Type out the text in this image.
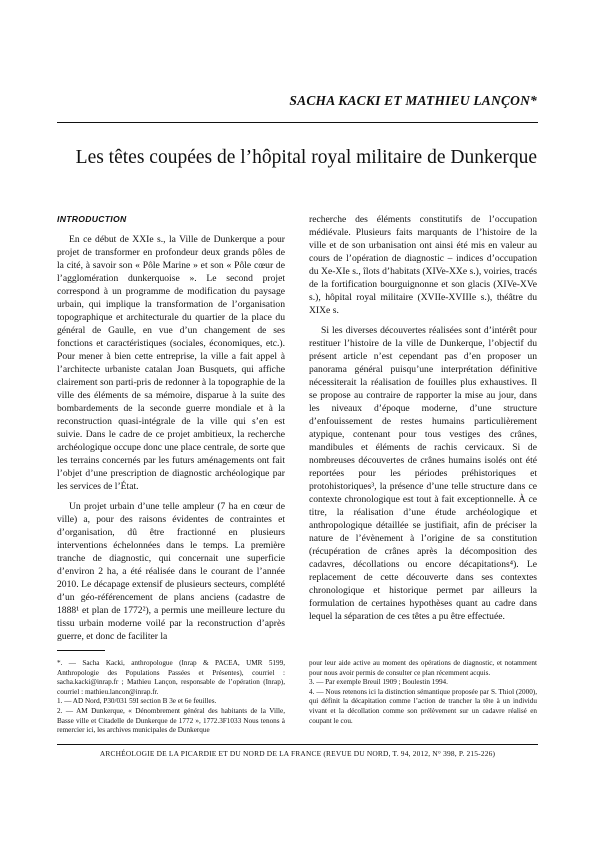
SACHA KACKI ET MATHIEU LANÇON*
Les têtes coupées de l’hôpital royal militaire de Dunkerque
INTRODUCTION

En ce début de XXIe s., la Ville de Dunkerque a pour projet de transformer en profondeur deux grands pôles de la cité, à savoir son « Pôle Marine » et son « Pôle cœur de l’agglomération dunkerquoise ». Le second projet correspond à un programme de modification du paysage urbain, qui implique la transformation de l’organisation topographique et architecturale du quartier de la place du général de Gaulle, en vue d’un changement de ses fonctions et caractéristiques (sociales, économiques, etc.). Pour mener à bien cette entreprise, la ville a fait appel à l’architecte urbaniste catalan Joan Busquets, qui affiche clairement son parti-pris de redonner à la topographie de la ville des éléments de sa mémoire, disparue à la suite des bombardements de la seconde guerre mondiale et à la reconstruction quasi-intégrale de la ville qui s’en est suivie. Dans le cadre de ce projet ambitieux, la recherche archéologique occupe donc une place centrale, de sorte que les terrains concernés par les futurs aménagements ont fait l’objet d’une prescription de diagnostic archéologique par les services de l’État.

Un projet urbain d’une telle ampleur (7 ha en cœur de ville) a, pour des raisons évidentes de contraintes et d’organisation, dû être fractionné en plusieurs interventions échelonnées dans le temps. La première tranche de diagnostic, qui concernait une superficie d’environ 2 ha, a été réalisée dans le courant de l’année 2010. Le décapage extensif de plusieurs secteurs, complété d’un géo-référencement de plans anciens (cadastre de 1888¹ et plan de 1772²), a permis une meilleure lecture du tissu urbain moderne voilé par la reconstruction d’après guerre, et donc de faciliter la

recherche des éléments constitutifs de l’occupation médiévale. Plusieurs faits marquants de l’histoire de la ville et de son urbanisation ont ainsi été mis en valeur au cours de l’opération de diagnostic – indices d’occupation du Xe-XIe s., îlots d’habitats (XIVe-XXe s.), voiries, tracés de la fortification bourguignonne et son glacis (XIVe-XVe s.), hôpital royal militaire (XVIIe-XVIIIe s.), théâtre du XIXe s.

Si les diverses découvertes réalisées sont d’intérêt pour restituer l’histoire de la ville de Dunkerque, l’objectif du présent article n’est cependant pas d’en proposer un panorama général puisqu’une interprétation définitive nécessiterait la réalisation de fouilles plus exhaustives. Il se propose au contraire de rapporter la mise au jour, dans les niveaux d’époque moderne, d’une structure d’enfouissement de restes humains particulièrement atypique, contenant pour tous vestiges des crânes, mandibules et éléments de rachis cervicaux. Si de nombreuses découvertes de crânes humains isolés ont été reportées pour les périodes préhistoriques et protohistoriques³, la présence d’une telle structure dans ce contexte chronologique est tout à fait exceptionnelle. À ce titre, la réalisation d’une étude archéologique et anthropologique détaillée se justifiait, afin de préciser la nature de l’évènement à l’origine de sa constitution (récupération de crânes après la décomposition des cadavres, décollations ou encore décapitations⁴). Le replacement de cette découverte dans ses contextes chronologique et historique permet par ailleurs la formulation de certaines hypothèses quant au cadre dans lequel la séparation de ces têtes a pu être effectuée.

*. — Sacha Kacki, anthropologue (Inrap & PACEA, UMR 5199, Anthropologie des Populations Passées et Présentes), courriel : sacha.kacki@inrap.fr ; Mathieu Lançon, responsable de l’opération (Inrap), courriel : mathieu.lancon@inrap.fr.

1. — AD Nord, P30/031 59I section B 3e et 6e feuilles.

2. — AM Dunkerque, « Dénombrement général des habitants de la Ville, Basse ville et Citadelle de Dunkerque de 1772 », 1772.3F1033 Nous tenons à remercier ici, les archives municipales de Dunkerque

pour leur aide active au moment des opérations de diagnostic, et notamment pour nous avoir permis de consulter ce plan récemment acquis.

3. — Par exemple Breuil 1909 ; Boulestin 1994.

4. — Nous retenons ici la distinction sémantique proposée par S. Thiol (2000), qui définit la décapitation comme l’action de trancher la tête à un individu vivant et la décollation comme son prélèvement sur un cadavre réalisé en coupant le cou.

ARCHÉOLOGIE DE LA PICARDIE ET DU NORD DE LA FRANCE (REVUE DU NORD, T. 94, 2012, N° 398, P. 215-226)
